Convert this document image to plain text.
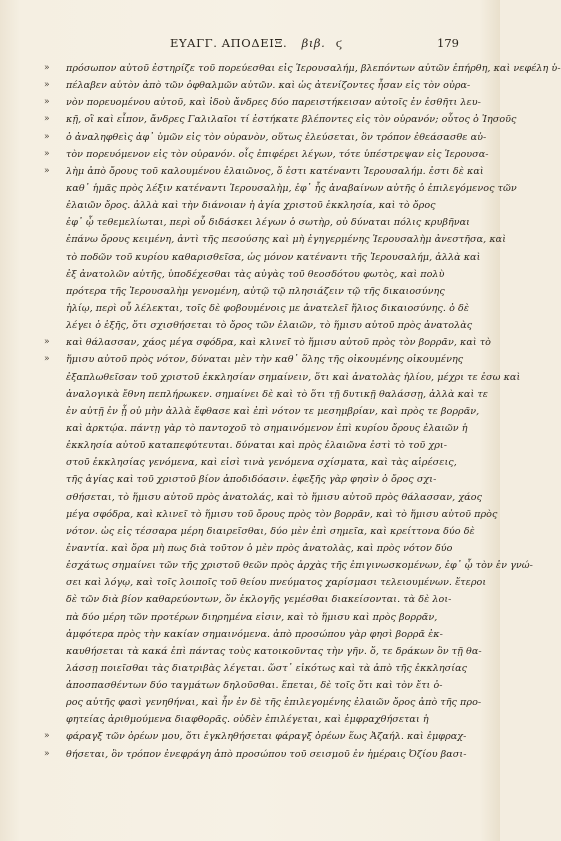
ΕΥΑΓΓ. ΑΠΟΔΕΙΞ. βιβ. ϛ	179
»	πρόσωπον αὐτοῦ ἐστηρίζε τοῦ πορεύεσθαι εἰς Ἱερουσαλήμ, βλεπόντων αὐτῶν ἐπήρθη, καὶ νεφέλη ὑ-
»	πέλαβεν αὐτὸν ἀπὸ τῶν ὀφθαλμῶν αὐτῶν. καὶ ὡς ἀτενίζοντες ἦσαν εἰς τὸν οὐρα-
»	νὸν πορευομένου αὐτοῦ, καὶ ἰδοὺ ἄνδρες δύο παρειστήκεισαν αὐτοῖς ἐν ἐσθῆτι λευ-
»	κῇ, οἳ καὶ εἶπον, ἄνδρες Γαλιλαῖοι τί ἑστήκατε βλέποντες εἰς τὸν οὐρανόν; οὗτος ὁ Ἰησοῦς
»	ὁ ἀναληφθεὶς ἀφ᾽ ὑμῶν εἰς τὸν οὐρανὸν, οὕτως ἐλεύσεται, ὃν τρόπον ἐθεάσασθε αὐ-
»	τὸν πορευόμενον εἰς τὸν οὐρανόν. οἷς ἐπιφέρει λέγων, τότε ὑπέστρεψαν εἰς Ἱερουσα-
»	λὴμ ἀπὸ ὄρους τοῦ καλουμένου ἐλαιῶνος, ὅ ἐστι κατέναντι Ἱερουσαλήμ. ἐστι δὲ καὶ
καθ᾽ ἡμᾶς πρὸς λέξιν κατέναντι Ἱερουσαλὴμ, ἐφ᾽ ἧς ἀναβαίνων αὐτῆς ὁ ἐπιλεγόμενος τῶν
ἐλαιῶν ὄρος. ἀλλὰ καὶ τὴν διάνοιαν ἡ ἁγία χριστοῦ ἐκκλησία, καὶ τὸ ὄρος
ἐφ᾽ ᾧ τεθεμελίωται, περὶ οὗ διδάσκει λέγων ὁ σωτὴρ, οὐ δύναται πόλις κρυβῆναι
ἐπάνω ὄρους κειμένη, ἀντὶ τῆς πεσούσης καὶ μὴ ἐγηγερμένης Ἱερουσαλὴμ ἀνεστῆσα, καὶ
τὸ ποδῶν τοῦ κυρίου καθαρισθεῖσα, ὡς μόνον κατέναντι τῆς Ἱερουσαλήμ, ἀλλὰ καὶ
ἐξ ἀνατολῶν αὐτῆς, ὑποδέχεσθαι τὰς αὐγὰς τοῦ θεοσδότου φωτὸς, καὶ πολὺ
πρότερα τῆς Ἱερουσαλὴμ γενομένη, αὐτῷ τῷ πλησιάζειν τῷ τῆς δικαιοσύνης
ἡλίῳ, περὶ οὗ λέλεκται, τοῖς δὲ φοβουμένοις με ἀνατελεῖ ἥλιος δικαιοσύνης. ὁ δὲ
λέγει ὁ ἑξῆς, ὅτι σχισθήσεται τὸ ὄρος τῶν ἐλαιῶν, τὸ ἥμισυ αὐτοῦ πρὸς ἀνατολὰς
»	καὶ θάλασσαν, χάος μέγα σφόδρα, καὶ κλινεῖ τὸ ἥμισυ αὐτοῦ πρὸς τὸν βορρᾶν, καὶ τὸ
»	ἥμισυ αὐτοῦ πρὸς νότον, δύναται μὲν τὴν καθ᾽ ὅλης τῆς οἰκουμένης οἰκουμένης
ἐξαπλωθεῖσαν τοῦ χριστοῦ ἐκκλησίαν σημαίνειν, ὅτι καὶ ἀνατολὰς ἡλίου, μέχρι τε ἐσω καὶ
ἀναλογικὰ ἔθνη πεπλήρωκεν. σημαίνει δὲ καὶ τὸ ὅτι τῇ δυτικῇ θαλάσσῃ, ἀλλὰ καὶ τε
ἐν αὐτῇ ἐν ᾗ οὐ μὴν ἀλλὰ ἔφθασε καὶ ἐπὶ νότον τε μεσημβρίαν, καὶ πρὸς τε βορρᾶν,
καὶ ἀρκτῴα. πάντῃ γὰρ τὸ παντοχοῦ τὸ σημαινόμενον ἐπὶ κυρίου ὄρους ἐλαιῶν ἡ
ἐκκλησία αὐτοῦ καταπεφύτευται. δύναται καὶ πρὸς ἐλαιῶνα ἐστὶ τὸ τοῦ χρι-
στοῦ ἐκκλησίας γενόμενα, καὶ εἰσὶ τινὰ γενόμενα σχίσματα, καὶ τὰς αἱρέσεις,
τῆς ἁγίας καὶ τοῦ χριστοῦ βίον ἀποδιδόασιν. ἐφεξῆς γὰρ φησὶν ὁ ὄρος σχι-
σθήσεται, τὸ ἥμισυ αὐτοῦ πρὸς ἀνατολάς, καὶ τὸ ἥμισυ αὐτοῦ πρὸς θάλασσαν, χάος
μέγα σφόδρα, καὶ κλινεῖ τὸ ἥμισυ τοῦ ὄρους πρὸς τὸν βορρᾶν, καὶ τὸ ἥμισυ αὐτοῦ πρὸς
νότον. ὡς εἰς τέσσαρα μέρη διαιρεῖσθαι, δύο μὲν ἐπὶ σημεῖα, καὶ κρείττονα δύο δὲ
ἐναντία. καὶ ὅρα μὴ πως διὰ τοῦτον ὁ μὲν πρὸς ἀνατολὰς, καὶ πρὸς νότον δύο
ἐσχάτως σημαίνει τῶν τῆς χριστοῦ θεῶν πρὸς ἀρχὰς τῆς ἐπιγινωσκομένων, ἐφ᾽ ᾧ τὸν ἐν γνώ-
σει καὶ λόγῳ, καὶ τοῖς λοιποῖς τοῦ θείου πνεύματος χαρίσμασι τελειουμένων. ἕτεροι
δὲ τῶν διὰ βίον καθαρεύοντων, ὅν ἐκλογῆς γεμέσθαι διακείσονται. τὰ δὲ λοι-
πὰ δύο μέρη τῶν προτέρων διηρημένα εἰσιν, καὶ τὸ ἥμισυ καὶ πρὸς βορρᾶν,
ἀμφότερα πρὸς τὴν κακίαν σημαινόμενα. ἀπὸ προσώπου γὰρ φησὶ βορρᾶ ἐκ-
καυθήσεται τὰ κακά ἐπὶ πάντας τοὺς κατοικοῦντας τὴν γῆν. ὅ, τε δράκων ὃν τῇ θα-
λάσσῃ ποιεῖσθαι τὰς διατριβὰς λέγεται. ὥστ᾽ εἰκότως καὶ τὰ ἀπὸ τῆς ἐκκλησίας
ἀποσπασθέντων δύο ταγμάτων δηλοῦσθαι. ἕπεται, δὲ τοῖς ὅτι καὶ τὸν ἔτι ὀ-
ρος αὐτῆς φασὶ γενηθήναι, καὶ ἦν ἐν δὲ τῆς ἐπιλεγομένης ἐλαιῶν ὄρος ἀπὸ τῆς προ-
φητείας ἀριθμούμενα διαφθορᾶς. οὐδὲν ἐπιλέγεται, καὶ ἐμφραχθήσεται ἡ
»	φάραγξ τῶν ὀρέων μου, ὅτι ἐγκληθήσεται φάραγξ ὀρέων ἕως Ἀζαήλ. καὶ ἐμφραχ-
»	θήσεται, ὃν τρόπον ἐνεφράγη ἀπὸ προσώπου τοῦ σεισμοῦ ἐν ἡμέραις Ὀζίου βασι-
